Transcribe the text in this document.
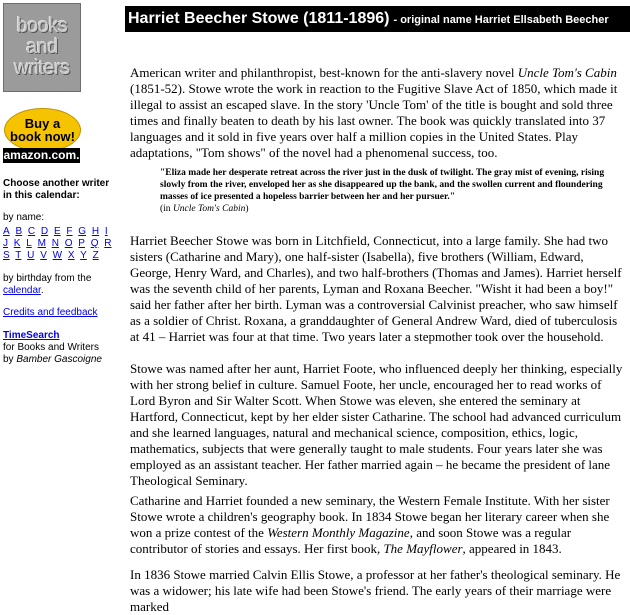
books
and
writers
Buy a
book now!
amazon.com.
Choose another writer in this calendar:
by name:
A B C D E F G H I J K L M N O P Q R S T U V W X Y Z
by birthday from the calendar.
Credits and feedback
TimeSearch
for Books and Writers
by Bamber Gascoigne
Harriet Beecher Stowe (1811-1896) - original name Harriet Ellsabeth Beecher
American writer and philanthropist, best-known for the anti-slavery novel Uncle Tom's Cabin (1851-52). Stowe wrote the work in reaction to the Fugitive Slave Act of 1850, which made it illegal to assist an escaped slave. In the story 'Uncle Tom' of the title is bought and sold three times and finally beaten to death by his last owner. The book was quickly translated into 37 languages and it sold in five years over half a million copies in the United States. Play adaptations, "Tom shows" of the novel had a phenomenal success, too.
"Eliza made her desperate retreat across the river just in the dusk of twilight. The gray mist of evening, rising slowly from the river, enveloped her as she disappeared up the bank, and the swollen current and floundering masses of ice presented a hopeless barrier between her and her pursuer."
(in Uncle Tom's Cabin)
Harriet Beecher Stowe was born in Litchfield, Connecticut, into a large family. She had two sisters (Catharine and Mary), one half-sister (Isabella), five brothers (William, Edward, George, Henry Ward, and Charles), and two half-brothers (Thomas and James). Harriet herself was the seventh child of her parents, Lyman and Roxana Beecher. "Wisht it had been a boy!" said her father after her birth. Lyman was a controversial Calvinist preacher, who saw himself as a soldier of Christ. Roxana, a granddaughter of General Andrew Ward, died of tuberculosis at 41 – Harriet was four at that time. Two years later a stepmother took over the household.
Stowe was named after her aunt, Harriet Foote, who influenced deeply her thinking, especially with her strong belief in culture. Samuel Foote, her uncle, encouraged her to read works of Lord Byron and Sir Walter Scott. When Stowe was eleven, she entered the seminary at Hartford, Connecticut, kept by her elder sister Catharine. The school had advanced curriculum and she learned languages, natural and mechanical science, composition, ethics, logic, mathematics, subjects that were generally taught to male students. Four years later she was employed as an assistant teacher. Her father married again – he became the president of lane Theological Seminary.
Catharine and Harriet founded a new seminary, the Western Female Institute. With her sister Stowe wrote a children's geography book. In 1834 Stowe began her literary career when she won a prize contest of the Western Monthly Magazine, and soon Stowe was a regular contributor of stories and essays. Her first book, The Mayflower, appeared in 1843.
In 1836 Stowe married Calvin Ellis Stowe, a professor at her father's theological seminary. He was a widower; his late wife had been Stowe's friend. The early years of their marriage were marked
